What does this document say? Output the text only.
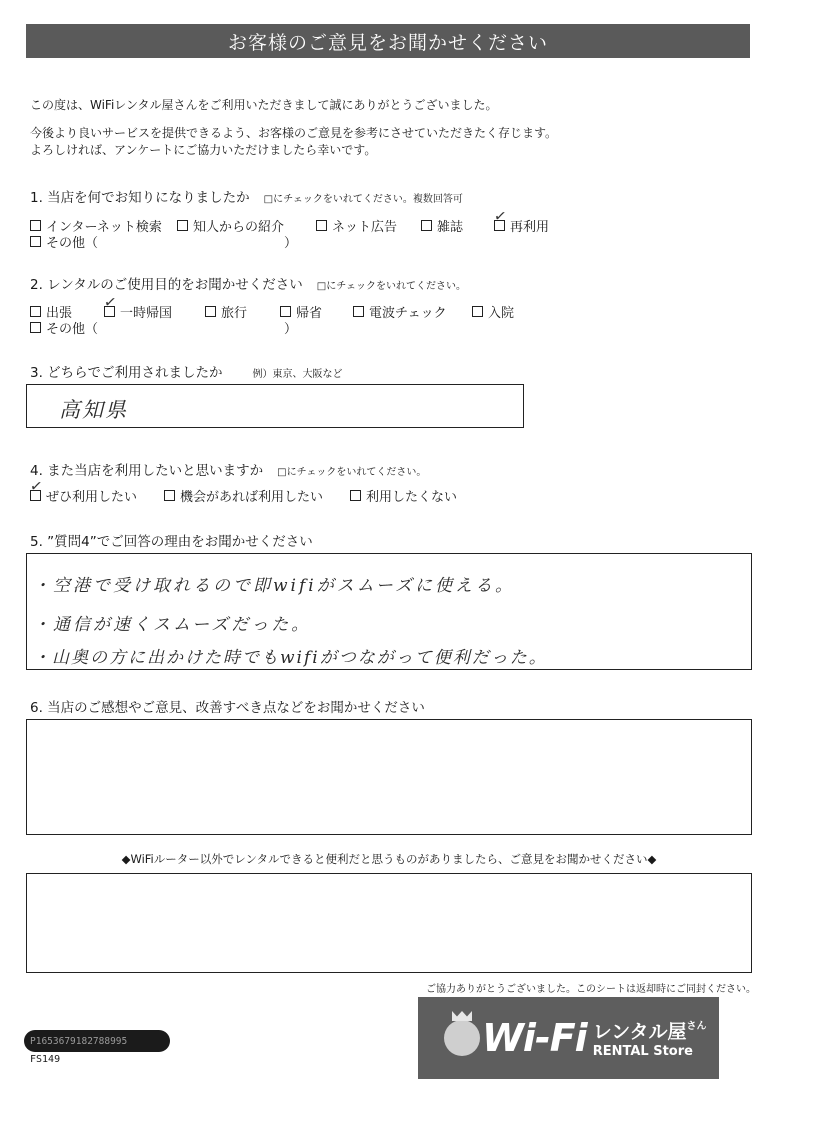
お客様のご意見をお聞かせください
この度は、WiFiレンタル屋さんをご利用いただきまして誠にありがとうございました。
今後より良いサービスを提供できるよう、お客様のご意見を参考にさせていただきたく存じます。
よろしければ、アンケートにご協力いただけましたら幸いです。
1. 当店を何でお知りになりましたか □にチェックをいれてください。複数回答可
インターネット検索 知人からの紹介	ネット広告	雑誌
✓
再利用
その他（	）
2. レンタルのご使用目的をお聞かせください □にチェックをいれてください。
出張
✓
一時帰国	旅行	帰省	電波チェック	入院
その他（	）
3. どちらでご利用されましたか	例）東京、大阪など
高知県
4. また当店を利用したいと思いますか □にチェックをいれてください。
✓
ぜひ利用したい	機会があれば利用したい	利用したくない
5. ”質問4”でご回答の理由をお聞かせください
・空港で受け取れるので即wifiがスムーズに使える。
・通信が速くスムーズだった。
・山奥の方に出かけた時でもwifiがつながって便利だった。
6. 当店のご感想やご意見、改善すべき点などをお聞かせください
◆WiFiルーター以外でレンタルできると便利だと思うものがありましたら、ご意見をお聞かせください◆
ご協力ありがとうございました。このシートは返却時にご同封ください。
P1653679182788995
FS149	Wi-Fi レンタル屋$^{さん}$
RENTAL Store
